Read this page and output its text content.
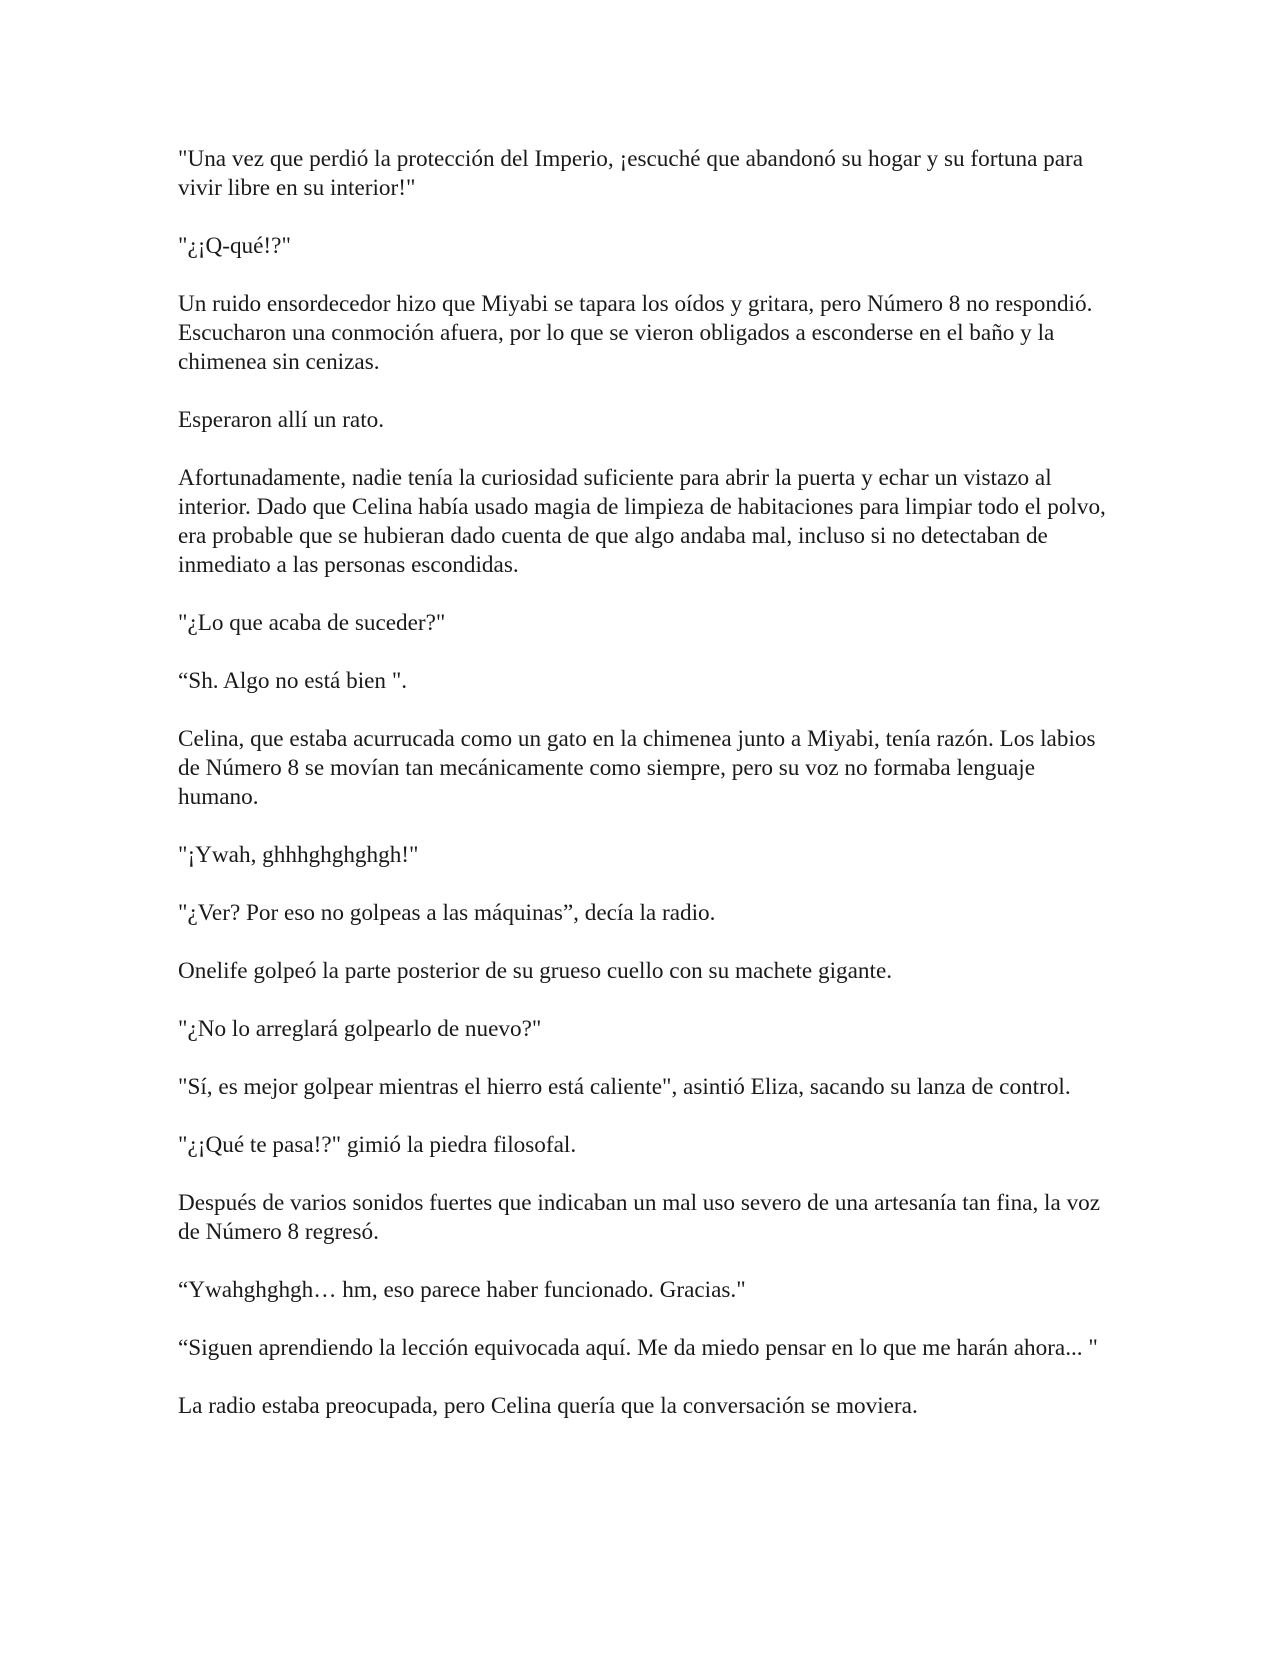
"Una vez que perdió la protección del Imperio, ¡escuché que abandonó su hogar y su fortuna para vivir libre en su interior!"

"¿¡Q-qué!?"

Un ruido ensordecedor hizo que Miyabi se tapara los oídos y gritara, pero Número 8 no respondió. Escucharon una conmoción afuera, por lo que se vieron obligados a esconderse en el baño y la chimenea sin cenizas.

Esperaron allí un rato.

Afortunadamente, nadie tenía la curiosidad suficiente para abrir la puerta y echar un vistazo al interior. Dado que Celina había usado magia de limpieza de habitaciones para limpiar todo el polvo, era probable que se hubieran dado cuenta de que algo andaba mal, incluso si no detectaban de inmediato a las personas escondidas.

"¿Lo que acaba de suceder?"

“Sh. Algo no está bien ".

Celina, que estaba acurrucada como un gato en la chimenea junto a Miyabi, tenía razón. Los labios de Número 8 se movían tan mecánicamente como siempre, pero su voz no formaba lenguaje humano.

"¡Ywah, ghhhghghghgh!"

"¿Ver? Por eso no golpeas a las máquinas”, decía la radio.

Onelife golpeó la parte posterior de su grueso cuello con su machete gigante.

"¿No lo arreglará golpearlo de nuevo?"

"Sí, es mejor golpear mientras el hierro está caliente", asintió Eliza, sacando su lanza de control.

"¿¡Qué te pasa!?" gimió la piedra filosofal.

Después de varios sonidos fuertes que indicaban un mal uso severo de una artesanía tan fina, la voz de Número 8 regresó.

“Ywahghghgh… hm, eso parece haber funcionado. Gracias."

“Siguen aprendiendo la lección equivocada aquí. Me da miedo pensar en lo que me harán ahora... "

La radio estaba preocupada, pero Celina quería que la conversación se moviera.
